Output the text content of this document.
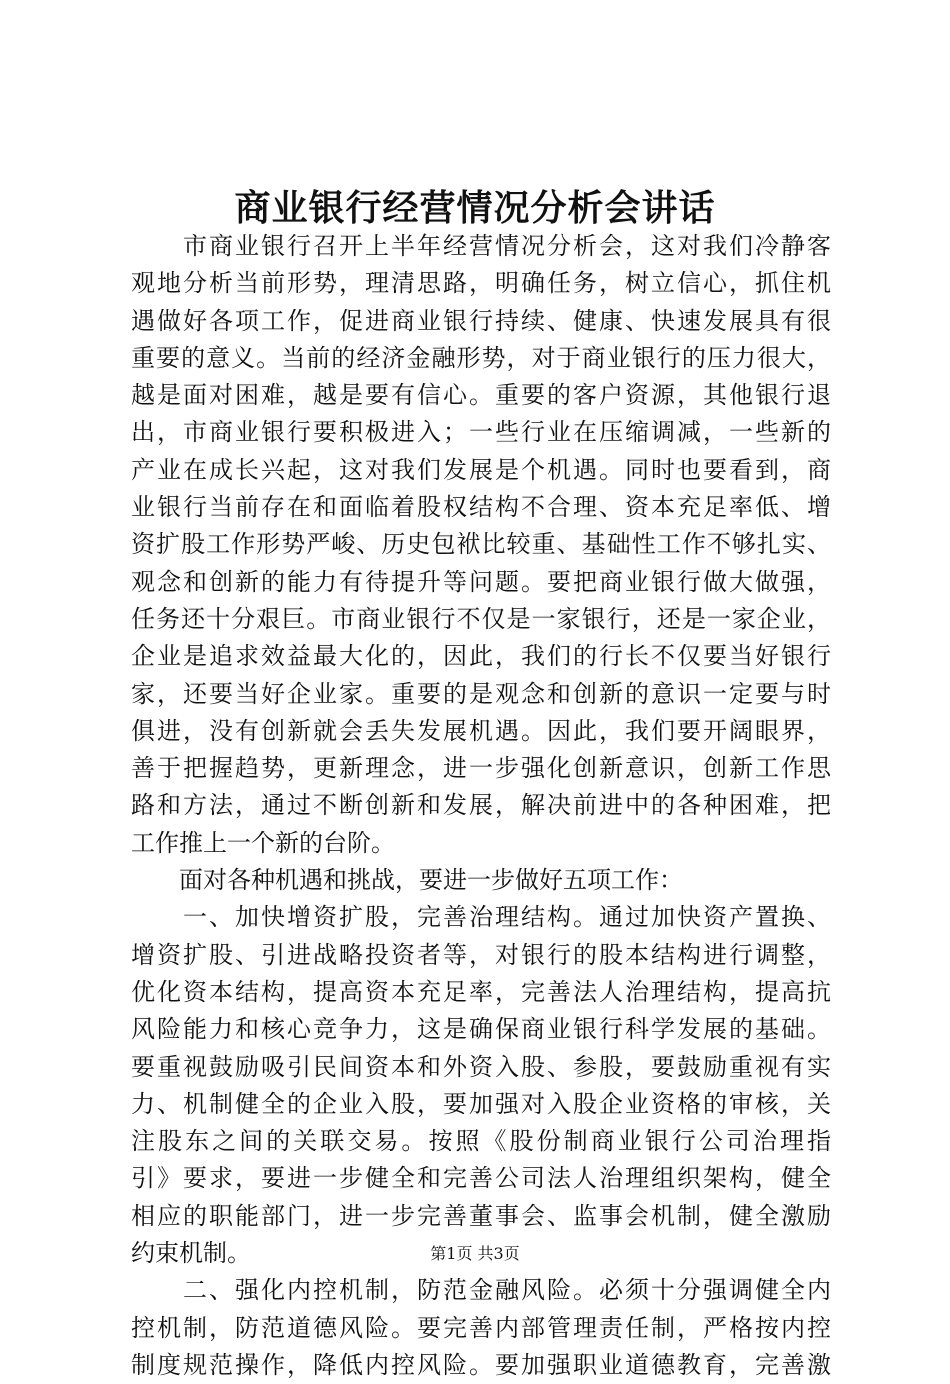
商业银行经营情况分析会讲话
　　市商业银行召开上半年经营情况分析会，这对我们冷静客
观地分析当前形势，理清思路，明确任务，树立信心，抓住机
遇做好各项工作，促进商业银行持续、健康、快速发展具有很
重要的意义。当前的经济金融形势，对于商业银行的压力很大，
越是面对困难，越是要有信心。重要的客户资源，其他银行退
出，市商业银行要积极进入；一些行业在压缩调减，一些新的
产业在成长兴起，这对我们发展是个机遇。同时也要看到，商
业银行当前存在和面临着股权结构不合理、资本充足率低、增
资扩股工作形势严峻、历史包袱比较重、基础性工作不够扎实、
观念和创新的能力有待提升等问题。要把商业银行做大做强，
任务还十分艰巨。市商业银行不仅是一家银行，还是一家企业，
企业是追求效益最大化的，因此，我们的行长不仅要当好银行
家，还要当好企业家。重要的是观念和创新的意识一定要与时
俱进，没有创新就会丢失发展机遇。因此，我们要开阔眼界，
善于把握趋势，更新理念，进一步强化创新意识，创新工作思
路和方法，通过不断创新和发展，解决前进中的各种困难，把
工作推上一个新的台阶。
　　面对各种机遇和挑战，要进一步做好五项工作：
　　一、加快增资扩股，完善治理结构。通过加快资产置换、
增资扩股、引进战略投资者等，对银行的股本结构进行调整，
优化资本结构，提高资本充足率，完善法人治理结构，提高抗
风险能力和核心竞争力，这是确保商业银行科学发展的基础。
要重视鼓励吸引民间资本和外资入股、参股，要鼓励重视有实
力、机制健全的企业入股，要加强对入股企业资格的审核，关
注股东之间的关联交易。按照《股份制商业银行公司治理指
引》要求，要进一步健全和完善公司法人治理组织架构，健全
相应的职能部门，进一步完善董事会、监事会机制，健全激励
约束机制。
　　二、强化内控机制，防范金融风险。必须十分强调健全内
控机制，防范道德风险。要完善内部管理责任制，严格按内控
制度规范操作，降低内控风险。要加强职业道德教育，完善激
第1页 共3页
